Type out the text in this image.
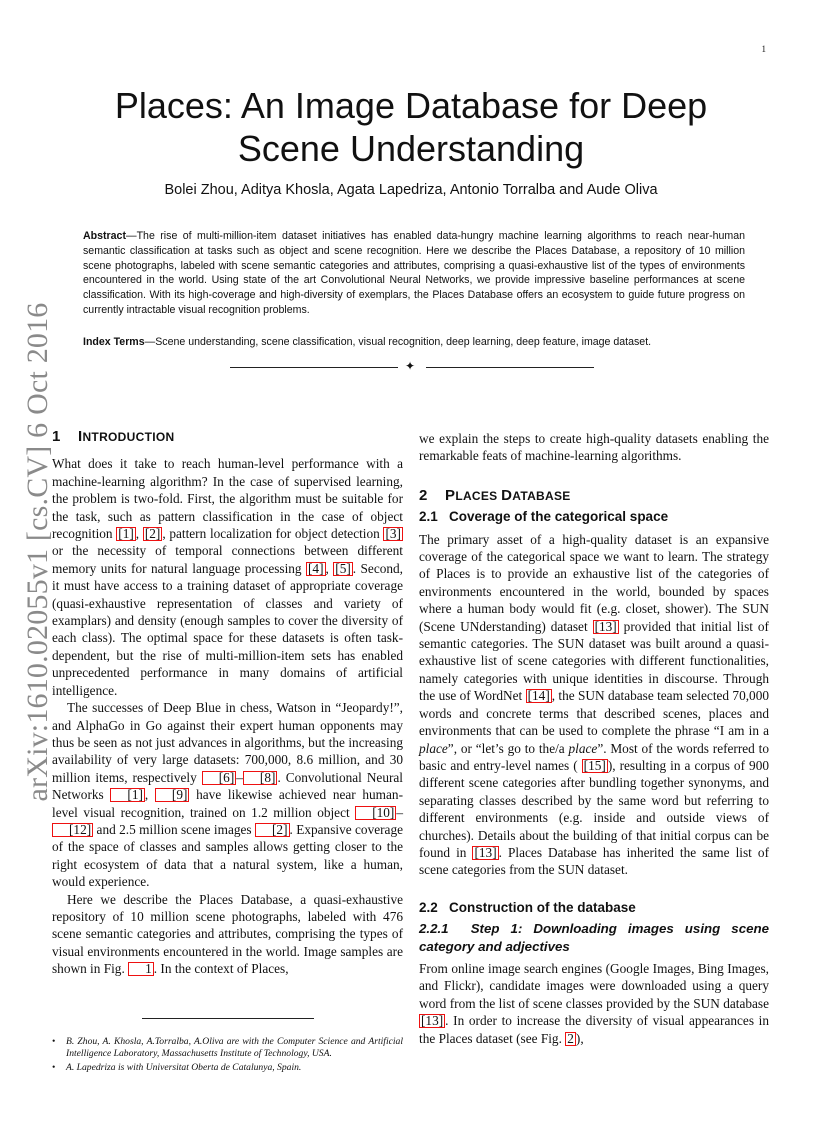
1
arXiv:1610.02055v1 [cs.CV] 6 Oct 2016
Places: An Image Database for Deep Scene Understanding
Bolei Zhou, Aditya Khosla, Agata Lapedriza, Antonio Torralba and Aude Oliva
Abstract—The rise of multi-million-item dataset initiatives has enabled data-hungry machine learning algorithms to reach near-human semantic classification at tasks such as object and scene recognition. Here we describe the Places Database, a repository of 10 million scene photographs, labeled with scene semantic categories and attributes, comprising a quasi-exhaustive list of the types of environments encountered in the world. Using state of the art Convolutional Neural Networks, we provide impressive baseline performances at scene classification. With its high-coverage and high-diversity of exemplars, the Places Database offers an ecosystem to guide future progress on currently intractable visual recognition problems.
Index Terms—Scene understanding, scene classification, visual recognition, deep learning, deep feature, image dataset.
✦
1 INTRODUCTION

What does it take to reach human-level performance with a machine-learning algorithm? In the case of supervised learning, the problem is two-fold. First, the algorithm must be suitable for the task, such as pattern classification in the case of object recognition [1] , [2] , pattern localization for object detection [3] or the necessity of temporal connections between different memory units for natural language processing [4] , [5] . Second, it must have access to a training dataset of appropriate coverage (quasi-exhaustive representation of classes and variety of examplars) and density (enough samples to cover the diversity of each class). The optimal space for these datasets is often task-dependent, but the rise of multi-million-item sets has enabled unprecedented performance in many domains of artificial intelligence.

The successes of Deep Blue in chess, Watson in “Jeopardy!”, and AlphaGo in Go against their expert human opponents may thus be seen as not just advances in algorithms, but the increasing availability of very large datasets: 700,000, 8.6 million, and 30 million items, respectively [6] – [8] . Convolutional Neural Networks [1] , [9] have likewise achieved near human-level visual recognition, trained on 1.2 million object [10] –[12] and 2.5 million scene images [2] . Expansive coverage of the space of classes and samples allows getting closer to the right ecosystem of data that a natural system, like a human, would experience.

Here we describe the Places Database, a quasi-exhaustive repository of 10 million scene photographs, labeled with 476 scene semantic categories and attributes, comprising the types of visual environments encountered in the world. Image samples are shown in Fig. 1 . In the context of Places,

• B. Zhou, A. Khosla, A.Torralba, A.Oliva are with the Computer Science and Artificial Intelligence Laboratory, Massachusetts Institute of Technology, USA.
• A. Lapedriza is with Universitat Oberta de Catalunya, Spain.

we explain the steps to create high-quality datasets enabling the remarkable feats of machine-learning algorithms.

2 PLACES DATABASE
2.1 Coverage of the categorical space

The primary asset of a high-quality dataset is an expansive coverage of the categorical space we want to learn. The strategy of Places is to provide an exhaustive list of the categories of environments encountered in the world, bounded by spaces where a human body would fit (e.g. closet, shower). The SUN (Scene UNderstanding) dataset [13] provided that initial list of semantic categories. The SUN dataset was built around a quasi-exhaustive list of scene categories with different functionalities, namely categories with unique identities in discourse. Through the use of WordNet [14] , the SUN database team selected 70,000 words and concrete terms that described scenes, places and environments that can be used to complete the phrase “I am in a place”, or “let’s go to the/a place”. Most of the words referred to basic and entry-level names ( [15] ), resulting in a corpus of 900 different scene categories after bundling together synonyms, and separating classes described by the same word but referring to different environments (e.g. inside and outside views of churches). Details about the building of that initial corpus can be found in [13] . Places Database has inherited the same list of scene categories from the SUN dataset.

2.2 Construction of the database
2.2.1 Step 1: Downloading images using scene category and adjectives

From online image search engines (Google Images, Bing Images, and Flickr), candidate images were downloaded using a query word from the list of scene classes provided by the SUN database [13] . In order to increase the diversity of visual appearances in the Places dataset (see Fig. 2 ),
